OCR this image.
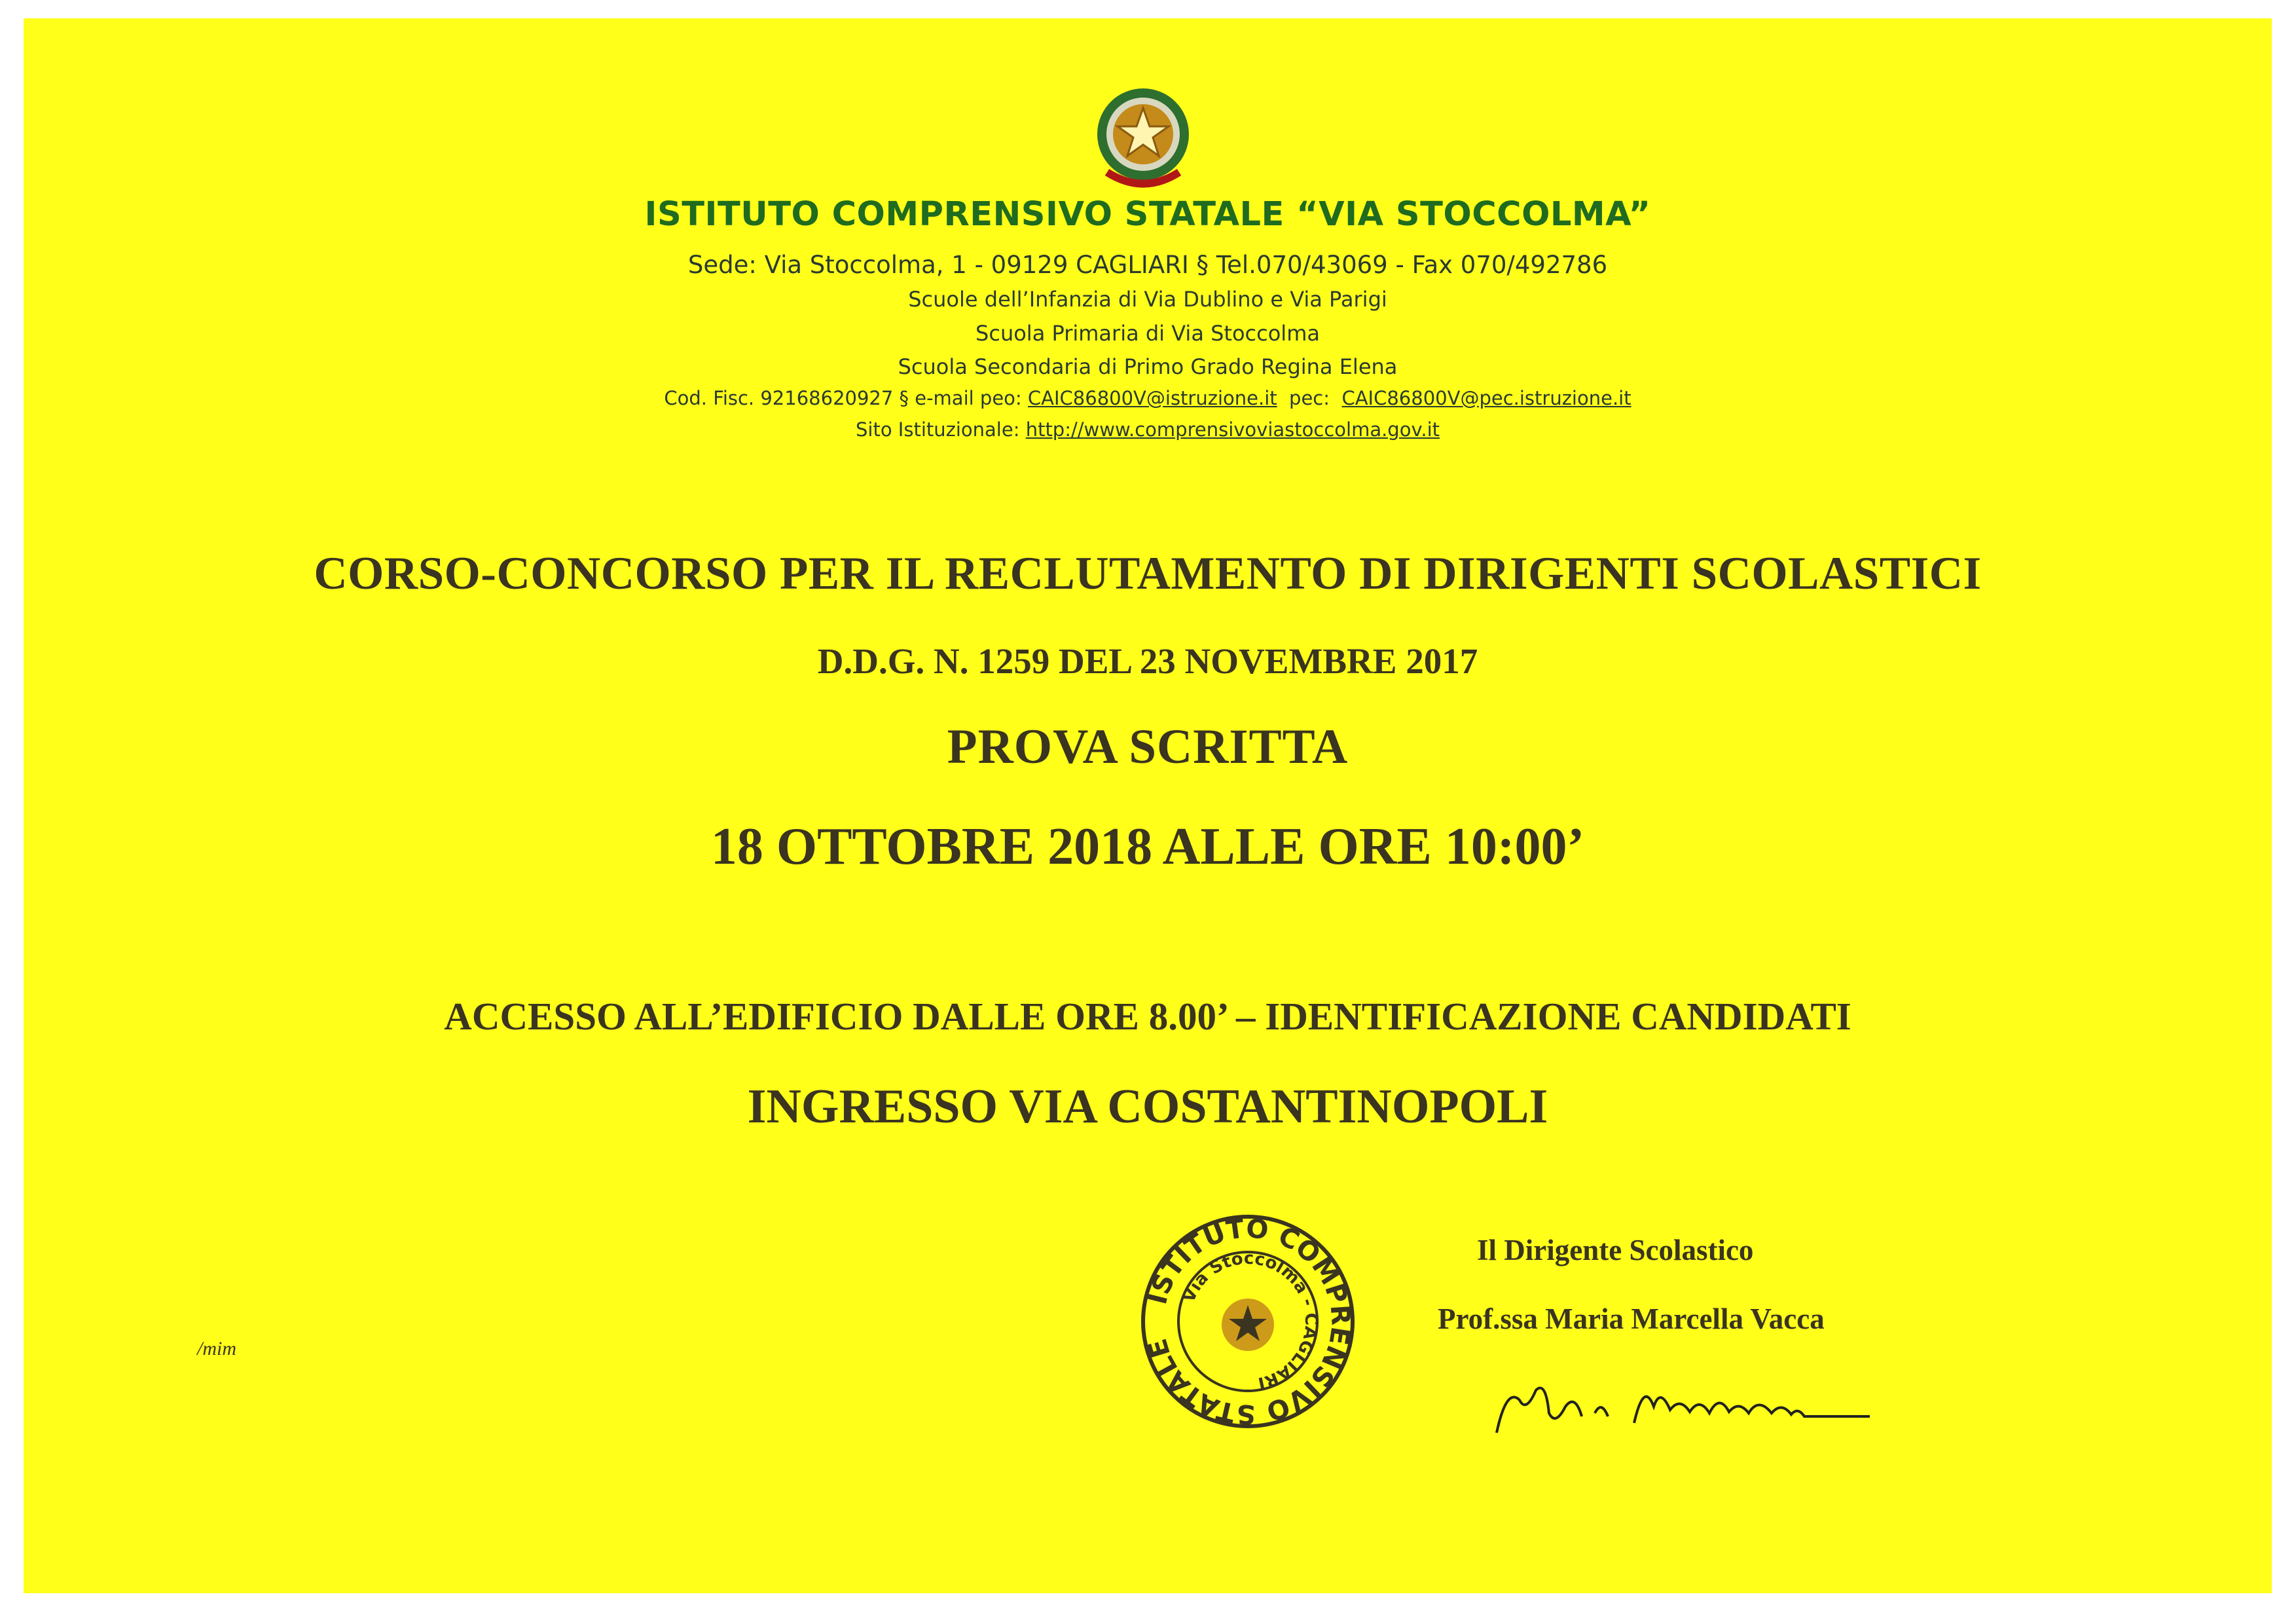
ISTITUTO COMPRENSIVO STATALE “VIA STOCCOLMA”
Sede: Via Stoccolma, 1 - 09129 CAGLIARI § Tel.070/43069 - Fax 070/492786
Scuole dell’Infanzia di Via Dublino e Via Parigi
Scuola Primaria di Via Stoccolma
Scuola Secondaria di Primo Grado Regina Elena
Cod. Fisc. 92168620927 § e-mail peo: CAIC86800V@istruzione.it  pec:  CAIC86800V@pec.istruzione.it
Sito Istituzionale: http://www.comprensivoviastoccolma.gov.it
CORSO-CONCORSO PER IL RECLUTAMENTO DI DIRIGENTI SCOLASTICI
D.D.G. N. 1259 DEL 23 NOVEMBRE 2017
PROVA SCRITTA
18 OTTOBRE 2018 ALLE ORE 10:00’
ACCESSO ALL’EDIFICIO DALLE ORE 8.00’ – IDENTIFICAZIONE CANDIDATI
INGRESSO VIA COSTANTINOPOLI
ISTITUTO COMPRENSIVO STATALE
Via Stoccolma - CAGLIARI
Il Dirigente Scolastico
Prof.ssa Maria Marcella Vacca
/mim
